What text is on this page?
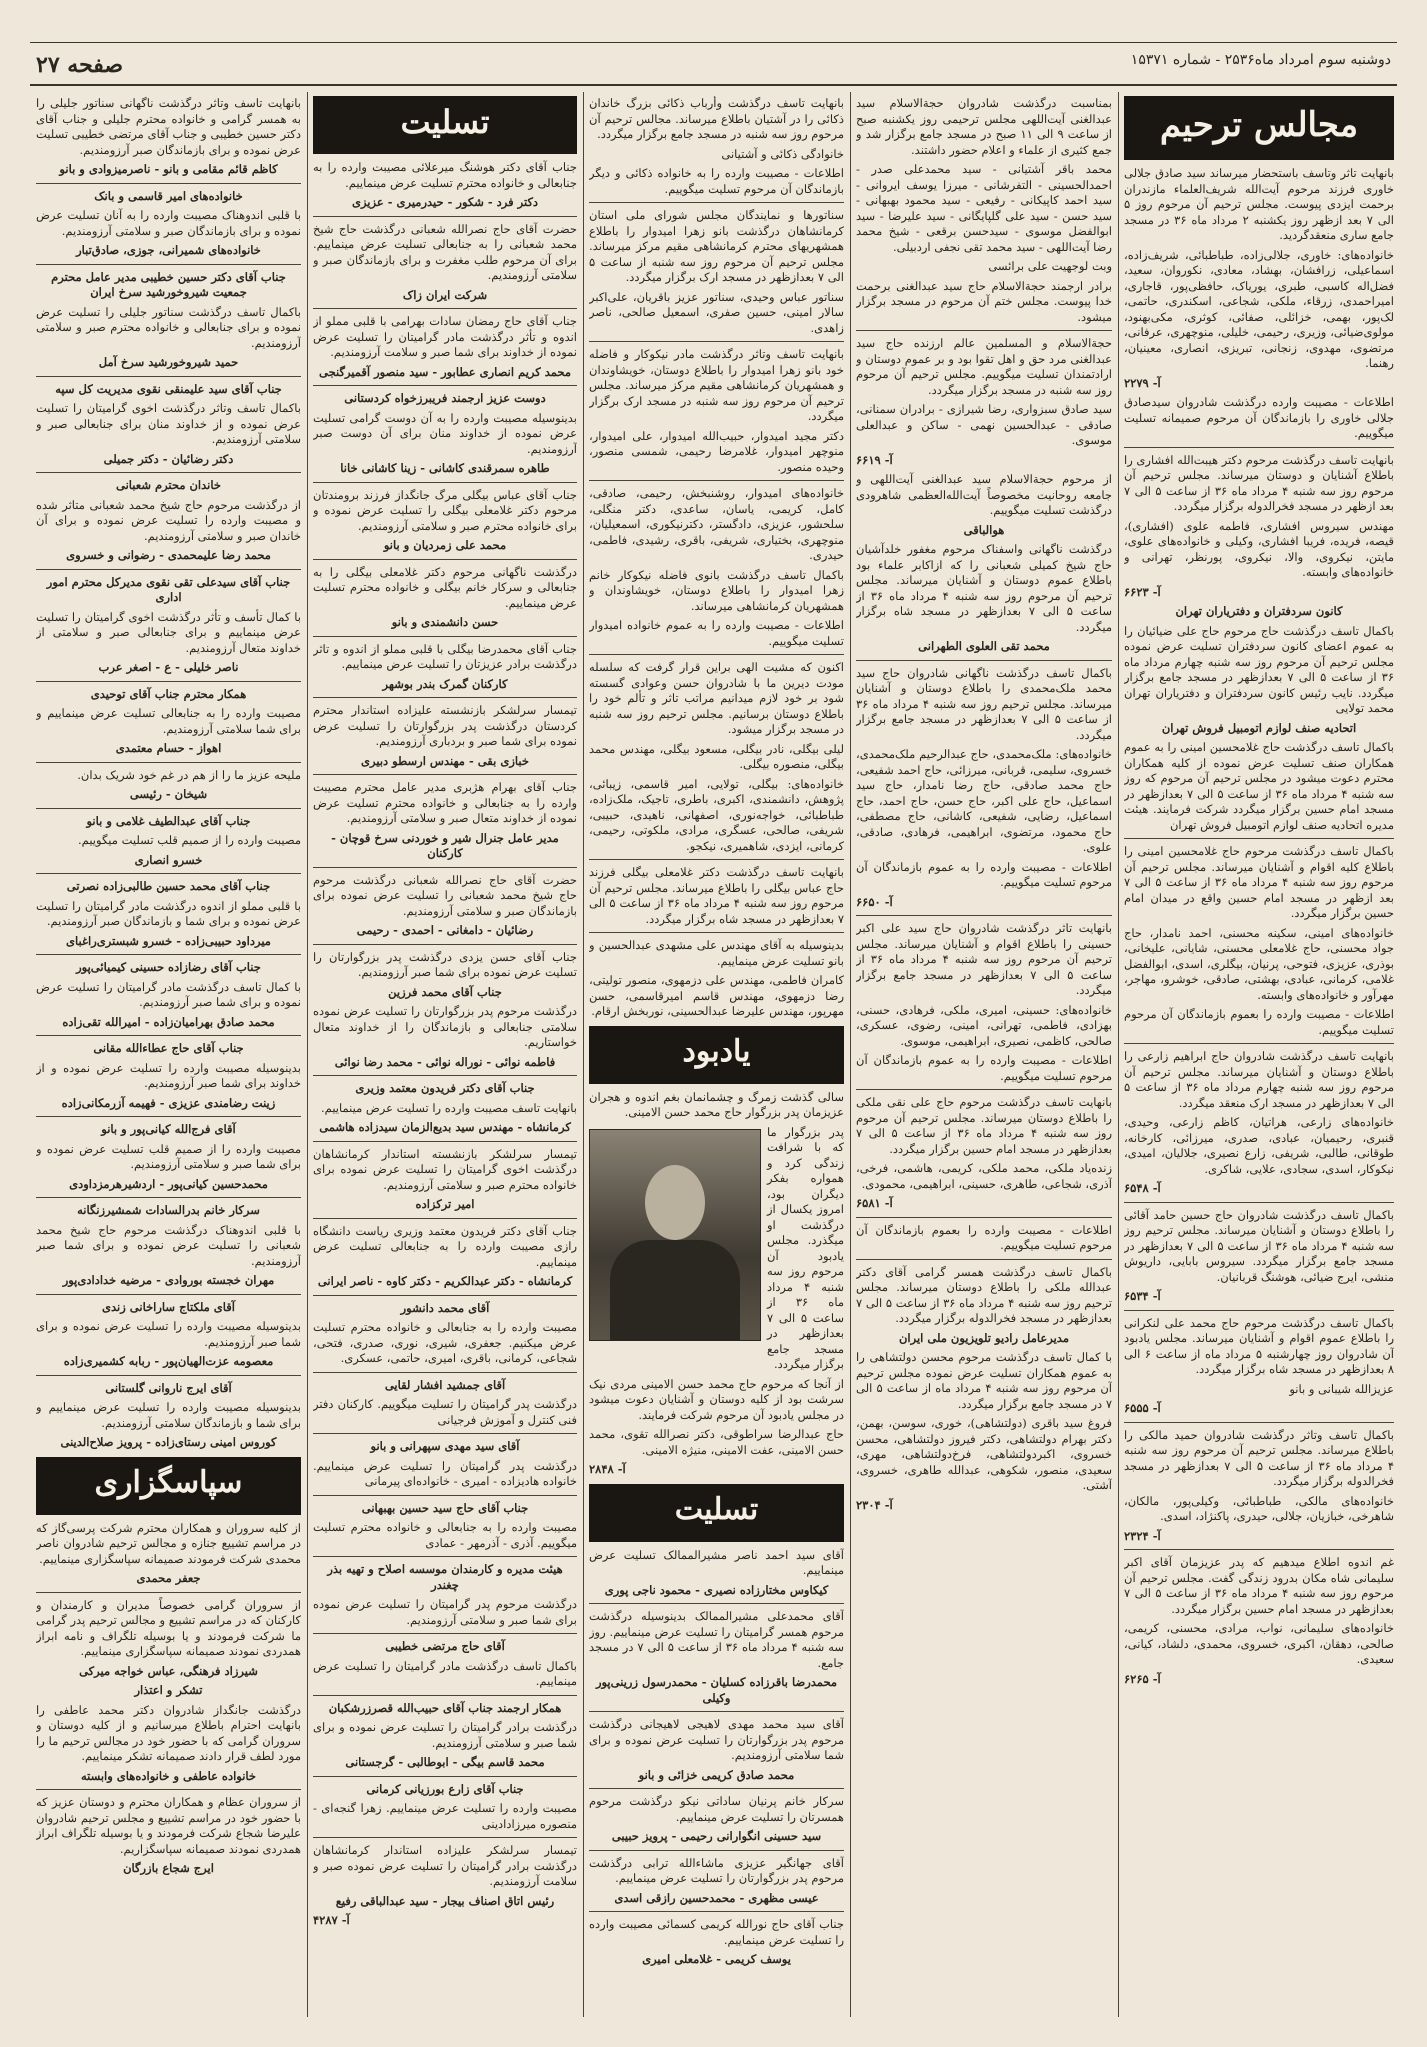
صفحه ۲۷	دوشنبه سوم امرداد ماه۲۵۳۶ - شماره ۱۵۳۷۱
مجالس ترحیم

بانهایت تاثر وتاسف باستحضار میرساند سید صادق جلالی خاوری فرزند مرحوم آیت‌الله شریف‌العلماء مازندران برحمت ایزدی پیوست. مجلس ترحیم آن مرحوم روز ۵ الی ۷ بعد ازظهر روز یکشنبه ۲ مرداد ماه ۳۶ در مسجد جامع ساری منعقدگردید.

خانواده‌های: خاوری، جلالی‌زاده، طباطبائی، شریف‌زاده، اسماعیلی، زرافشان، بهشاد، معادی، نکوروان، سعید، فضل‌اله کاسبی، طبری، یوریاک، حافظی‌پور، قاجاری، امیراحمدی، زرقاء، ملکی، شجاعی، اسکندری، حاتمی، لک‌پور، بهمی، خزائلی، صفائی، کوثری، مکی‌بهنود، مولوی‌ضیائی، وزیری، رحیمی، خلیلی، منوچهری، عرفانی، مرتضوی، مهدوی، زنجانی، تبریزی، انصاری، معینیان، رهنما.

آ- ۲۲۷۹

اطلاعات - مصیبت وارده درگذشت شادروان سیدصادق جلالی خاوری را بازماندگان آن مرحوم صمیمانه تسلیت میگوییم.

بانهایت تاسف درگذشت مرحوم دکتر هیبت‌الله افشاری را باطلاع آشنایان و دوستان میرساند. مجلس ترحیم آن مرحوم روز سه شنبه ۴ مرداد ماه ۳۶ از ساعت ۵ الی ۷ بعد ازظهر در مسجد فخرالدوله برگزار میگردد.

مهندس سیروس افشاری، فاطمه علوی (افشاری)، قیصه، فریده، فریبا افشاری، وکیلی و خانواده‌های علوی، مایتن، نیکروی، والا، نیکروی، پورنظر، تهرانی و خانواده‌های وابسته.

آ- ۶۶۲۳

کانون سردفتران و دفتریاران تهران

باکمال تاسف درگذشت حاج مرحوم حاج علی ضیائیان را به عموم اعضای کانون سردفتران تسلیت عرض نموده مجلس ترحیم آن مرحوم روز سه شنبه چهارم مرداد ماه ۳۶ از ساعت ۵ الی ۷ بعدازظهر در مسجد جامع برگزار میگردد. نایب رئیس کانون سردفتران و دفتریاران تهران محمد تولایی

اتحادیه صنف لوازم اتومبیل فروش تهران

باکمال تاسف درگذشت حاج غلامحسین امینی را به عموم همکاران صنف تسلیت عرض نموده از کلیه همکاران محترم دعوت میشود در مجلس ترحیم آن مرحوم که روز سه شنبه ۴ مرداد ماه ۳۶ از ساعت ۵ الی ۷ بعدازظهر در مسجد امام حسین برگزار میگردد شرکت فرمایند. هیئت مدیره اتحادیه صنف لوازم اتومبیل فروش تهران

باکمال تاسف درگذشت مرحوم حاج غلامحسین امینی را باطلاع کلیه اقوام و آشنایان میرساند. مجلس ترحیم آن مرحوم روز سه شنبه ۴ مرداد ماه ۳۶ از ساعت ۵ الی ۷ بعد ازظهر در مسجد امام حسین واقع در میدان امام حسین برگزار میگردد.

خانواده‌های امینی، سکینه محسنی، احمد نامدار، حاج جواد محسنی، حاج غلامعلی محسنی، شایانی، علیخانی، بوذری، عزیزی، فتوحی، پرنیان، بیگلری، اسدی، ابوالفضل غلامی، کرمانی، عبادی، بهشتی، صادقی، خوشرو، مهاجر، مهرآور و خانواده‌های وابسته.

اطلاعات - مصیبت وارده را بعموم بازماندگان آن مرحوم تسلیت میگوییم.

بانهایت تاسف درگذشت شادروان حاج ابراهیم زارعی را باطلاع دوستان و آشنایان میرساند. مجلس ترحیم آن مرحوم روز سه شنبه چهارم مرداد ماه ۳۶ از ساعت ۵ الی ۷ بعدازظهر در مسجد ارک منعقد میگردد.

خانواده‌های زارعی، هراتیان، کاظم زارعی، وحیدی، قنبری، رحیمیان، عبادی، صدری، میرزائی، کارخانه، طوقانی، طالبی، شریفی، زارع نصیری، جلالیان، امیدی، نیکوکار، اسدی، سجادی، علایی، شاکری.

آ- ۶۵۴۸

باکمال تاسف درگذشت شادروان حاج حسین حامد آقائی را باطلاع دوستان و آشنایان میرساند. مجلس ترحیم روز سه شنبه ۴ مرداد ماه ۳۶ از ساعت ۵ الی ۷ بعدازظهر در مسجد جامع برگزار میگردد. سیروس بابایی، داریوش منشی، ایرج ضیائی، هوشنگ قربانیان.

آ- ۶۵۳۴

باکمال تاسف درگذشت مرحوم حاج محمد علی لنکرانی را باطلاع عموم اقوام و آشنایان میرساند. مجلس یادبود آن شادروان روز چهارشنبه ۵ مرداد ماه از ساعت ۶ الی ۸ بعدازظهر در مسجد شاه برگزار میگردد.

عزیزالله شیبانی و بانو

آ- ۶۵۵۵

باکمال تاسف وتاثر درگذشت شادروان حمید مالکی را باطلاع میرساند. مجلس ترحیم آن مرحوم روز سه شنبه ۴ مرداد ماه ۳۶ از ساعت ۵ الی ۷ بعدازظهر در مسجد فخرالدوله برگزار میگردد.

خانواده‌های مالکی، طباطبائی، وکیلی‌پور، مالکان، شاهرخی، خبازیان، جلالی، حیدری، پاکنژاد، اسدی.

آ- ۲۳۲۴

غم اندوه اطلاع میدهیم که پدر عزیزمان آقای اکبر سلیمانی شاه مکان بدرود زندگی گفت. مجلس ترحیم آن مرحوم روز سه شنبه ۴ مرداد ماه ۳۶ از ساعت ۵ الی ۷ بعدازظهر در مسجد امام حسین برگزار میگردد.

خانواده‌های سلیمانی، نواب، مرادی، محسنی، کریمی، صالحی، دهقان، اکبری، خسروی، محمدی، دلشاد، کیانی، سعیدی.

آ- ۶۲۶۵

بمناسبت درگذشت شادروان حجةالاسلام سید عبدالغنی آیت‌اللهی مجلس ترحیمی روز یکشنبه صبح از ساعت ۹ الی ۱۱ صبح در مسجد جامع برگزار شد و جمع کثیری از علماء و اعلام حضور داشتند.

محمد باقر آشتیانی - سید محمدعلی صدر - احمدالحسینی - التفرشانی - میرزا یوسف ایروانی - سید احمد کاپیکانی - رفیعی - سید محمود بهبهانی - سید حسن - سید علی گلپایگانی - سید علیرضا - سید ابوالفضل موسوی - سیدحسن برقعی - شیخ محمد رضا آیت‌اللهی - سید محمد تقی نجفی اردبیلی.

وبت لوجهیت علی برائسی

برادر ارجمند حجةالاسلام حاج سید عبدالغنی برحمت خدا پیوست. مجلس ختم آن مرحوم در مسجد برگزار میشود.

حجةالاسلام و المسلمین عالم ارزنده حاج سید عبدالغنی مرد حق و اهل تقوا بود و بر عموم دوستان و ارادتمندان تسلیت میگوییم. مجلس ترحیم آن مرحوم روز سه شنبه در مسجد برگزار میگردد.

سید صادق سبزواری، رضا شیرازی - برادران سمنانی، صادقی - عبدالحسین نهمی - ساکن و عبدالعلی موسوی.

آ- ۶۶۱۹

از مرحوم حجةالاسلام سید عبدالغنی آیت‌اللهی و جامعه روحانیت مخصوصاً آیت‌الله‌العظمی شاهرودی درگذشت تسلیت میگوییم.

هوالباقی

درگذشت ناگهانی واسفناک مرحوم مغفور خلدآشیان حاج شیخ کمیلی شعبانی را که ازاکابر علماء بود باطلاع عموم دوستان و آشنایان میرساند. مجلس ترحیم آن مرحوم روز سه شنبه ۴ مرداد ماه ۳۶ از ساعت ۵ الی ۷ بعدازظهر در مسجد شاه برگزار میگردد.

محمد تقی العلوی الطهرانی

باکمال تاسف درگذشت ناگهانی شادروان حاج سید محمد ملک‌محمدی را باطلاع دوستان و آشنایان میرساند. مجلس ترحیم روز سه شنبه ۴ مرداد ماه ۳۶ از ساعت ۵ الی ۷ بعدازظهر در مسجد جامع برگزار میگردد.

خانواده‌های: ملک‌محمدی، حاج عبدالرحیم ملک‌محمدی، خسروی، سلیمی، قربانی، میرزائی، حاج احمد شفیعی، حاج محمد صادقی، حاج رضا نامدار، حاج سید اسماعیل، حاج علی اکبر، حاج حسن، حاج احمد، حاج اسماعیل، رضایی، شفیعی، کاشانی، حاج مصطفی، حاج محمود، مرتضوی، ابراهیمی، فرهادی، صادقی، علوی.

اطلاعات - مصیبت وارده را به عموم بازماندگان آن مرحوم تسلیت میگوییم.

آ- ۶۶۵۰

بانهایت تاثر درگذشت شادروان حاج سید علی اکبر حسینی را باطلاع اقوام و آشنایان میرساند. مجلس ترحیم آن مرحوم روز سه شنبه ۴ مرداد ماه ۳۶ از ساعت ۵ الی ۷ بعدازظهر در مسجد جامع برگزار میگردد.

خانواده‌های: حسینی، امیری، ملکی، فرهادی، حسنی، بهزادی، فاطمی، تهرانی، امینی، رضوی، عسکری، صالحی، کاظمی، نصیری، ابراهیمی، موسوی.

اطلاعات - مصیبت وارده را به عموم بازماندگان آن مرحوم تسلیت میگوییم.

بانهایت تاسف درگذشت مرحوم حاج علی نقی ملکی را باطلاع دوستان میرساند. مجلس ترحیم آن مرحوم روز سه شنبه ۴ مرداد ماه ۳۶ از ساعت ۵ الی ۷ بعدازظهر در مسجد امام حسین برگزار میگردد.

زنده‌یاد ملکی، محمد ملکی، کریمی، هاشمی، فرخی، آذری، شجاعی، طاهری، حسینی، ابراهیمی، محمودی.

آ- ۶۵۸۱

اطلاعات - مصیبت وارده را بعموم بازماندگان آن مرحوم تسلیت میگوییم.

باکمال تاسف درگذشت همسر گرامی آقای دکتر عبدالله ملکی را باطلاع دوستان میرساند. مجلس ترحیم روز سه شنبه ۴ مرداد ماه ۳۶ از ساعت ۵ الی ۷ بعدازظهر در مسجد فخرالدوله برگزار میگردد.

مدیرعامل رادیو تلویزیون ملی ایران

با کمال تاسف درگذشت مرحوم محسن دولتشاهی را به عموم همکاران تسلیت عرض نموده مجلس ترحیم آن مرحوم روز سه شنبه ۴ مرداد ماه از ساعت ۵ الی ۷ در مسجد جامع برگزار میگردد.

فروغ سید باقری (دولتشاهی)، خوری، سوسن، بهمن، دکتر بهرام دولتشاهی، دکتر فیروز دولتشاهی، محسن خسروی، اکبردولتشاهی، فرخ‌دولتشاهی، مهری، سعیدی، منصور، شکوهی، عبدالله طاهری، خسروی، آشتی.

آ- ۲۳۰۴

بانهایت تاسف درگذشت وأرباب ذکائی بزرگ خاندان ذکائی را در آشتیان باطلاع میرساند. مجالس ترحیم آن مرحوم روز سه شنبه در مسجد جامع برگزار میگردد.

خانوادگی ذکائی و آشتیانی

اطلاعات - مصیبت وارده را به خانواده ذکائی و دیگر بازماندگان آن مرحوم تسلیت میگوییم.

سناتورها و نمایندگان مجلس شورای ملی استان کرمانشاهان درگذشت بانو زهرا امیدوار را باطلاع همشهریهای محترم کرمانشاهی مقیم مرکز میرساند. مجلس ترحیم آن مرحوم روز سه شنبه از ساعت ۵ الی ۷ بعدازظهر در مسجد ارک برگزار میگردد.

سناتور عباس وحیدی، سناتور عزیز باقریان، علی‌اکبر سالار امینی، حسین صفری، اسمعیل صالحی، ناصر زاهدی.

بانهایت تاسف وتاثر درگذشت مادر نیکوکار و فاضله خود بانو زهرا امیدوار را باطلاع دوستان، خویشاوندان و همشهریان کرمانشاهی مقیم مرکز میرساند. مجلس ترحیم آن مرحوم روز سه شنبه در مسجد ارک برگزار میگردد.

دکتر مجید امیدوار، حبیب‌الله امیدوار، علی امیدوار، منوچهر امیدوار، غلامرضا رحیمی، شمسی منصور، وحیده منصور.

خانواده‌های امیدوار، روشنبخش، رحیمی، صادقی، کامل، کریمی، یاسان، ساعدی، دکتر منگلی، سلحشور، عزیزی، دادگستر، دکترنیکوری، اسمعیلیان، منوچهری، بختیاری، شریفی، باقری، رشیدی، فاطمی، حیدری.

باکمال تاسف درگذشت بانوی فاضله نیکوکار خانم زهرا امیدوار را باطلاع دوستان، خویشاوندان و همشهریان کرمانشاهی میرساند.

اطلاعات - مصیبت وارده را به عموم خانواده امیدوار تسلیت میگوییم.

اکنون که مشیت الهی براین قرار گرفت که سلسله مودت دیرین ما با شادروان حسن وعوادی گسسته شود بر خود لازم میدانیم مراتب تاثر و تألم خود را باطلاع دوستان برسانیم. مجلس ترحیم روز سه شنبه در مسجد برگزار میشود.

لیلی بیگلی، نادر بیگلی، مسعود بیگلی، مهندس محمد بیگلی، منصوره بیگلی.

خانواده‌های: بیگلی، تولایی، امیر قاسمی، زیبائی، پژوهش، دانشمندی، اکبری، باطری، تاجیک، ملک‌زاده، طباطبائی، خواجه‌نوری، اصفهانی، ناهیدی، حبیبی، شریفی، صالحی، عسگری، مرادی، ملکوتی، رحیمی، کرمانی، ایزدی، شاهمیری، نیکجو.

بانهایت تاسف درگذشت دکتر غلامعلی بیگلی فرزند حاج عباس بیگلی را باطلاع میرساند. مجلس ترحیم آن مرحوم روز سه شنبه ۴ مرداد ماه ۳۶ از ساعت ۵ الی ۷ بعدازظهر در مسجد شاه برگزار میگردد.

بدینوسیله به آقای مهندس علی مشهدی عبدالحسین و بانو تسلیت عرض مینماییم.

کامران فاطمی، مهندس علی دزمهوی، منصور تولیتی، رضا دزمهوی، مهندس قاسم امیرقاسمی، حسن مهرپور، مهندس علیرضا عبدالحسینی، نوربخش ارقام.

یادبود

سالی گذشت زمرگ و چشمانمان بغم اندوه و هجران عزیزمان پدر بزرگوار حاج محمد حسن الامینی.

پدر بزرگوار ما که با شرافت زندگی کرد و همواره بفکر دیگران بود، امروز یکسال از درگذشت او میگذرد. مجلس یادبود آن مرحوم روز سه شنبه ۴ مرداد ماه ۳۶ از ساعت ۵ الی ۷ بعدازظهر در مسجد جامع برگزار میگردد.

از آنجا که مرحوم حاج محمد حسن الامینی مردی نیک سرشت بود از کلیه دوستان و آشنایان دعوت میشود در مجلس یادبود آن مرحوم شرکت فرمایند.

حاج عبدالرضا سراطوقی، دکتر نصرالله تقوی، محمد حسن الامینی، عفت الامینی، منیژه الامینی.

آ- ۲۸۴۸

تسلیت

آقای سید احمد ناصر مشیرالممالک تسلیت عرض مینماییم.

کیکاوس مختارزاده نصیری - محمود ناجی پوری

آقای محمدعلی مشیرالممالک بدینوسیله درگذشت مرحوم همسر گرامیتان را تسلیت عرض مینماییم. روز سه شنبه ۴ مرداد ماه ۳۶ از ساعت ۵ الی ۷ در مسجد جامع.

محمدرضا باقرزاده کسلیان - محمدرسول زرینی‌پور وکیلی

آقای سید محمد مهدی لاهیجی لاهیجانی درگذشت مرحوم پدر بزرگوارتان را تسلیت عرض نموده و برای شما سلامتی آرزومندیم.

محمد صادق کریمی خزائی و بانو

سرکار خانم پرنیان ساداتی نیکو درگذشت مرحوم همسرتان را تسلیت عرض مینماییم.

سید حسینی انگوارانی رحیمی - پرویز حبیبی

آقای جهانگیر عزیزی ماشاءالله ترابی درگذشت مرحوم پدر بزرگوارتان را تسلیت عرض مینماییم.

عیسی مظهری - محمدحسین رازقی اسدی

جناب آقای حاج نورالله کریمی کسمائی مصیبت وارده را تسلیت عرض مینماییم.

یوسف کریمی - غلامعلی امیری

تسلیت

جناب آقای دکتر هوشنگ میرعلائی مصیبت وارده را به جنابعالی و خانواده محترم تسلیت عرض مینماییم.

دکتر فرد - شکور - حیدرمیری - عزیزی

حضرت آقای حاج نصرالله شعبانی درگذشت حاج شیخ محمد شعبانی را به جنابعالی تسلیت عرض مینماییم. برای آن مرحوم طلب مغفرت و برای بازماندگان صبر و سلامتی آرزومندیم.

شرکت ایران زاک

جناب آقای حاج رمضان سادات بهرامی با قلبی مملو از اندوه و تأثر درگذشت مادر گرامیتان را تسلیت عرض نموده از خداوند برای شما صبر و سلامت آرزومندیم.

محمد کریم انصاری عطابور - سید منصور آقمیرگنجی

دوست عزیز ارجمند فریبرزخواه کردستانی

بدینوسیله مصیبت وارده را به آن دوست گرامی تسلیت عرض نموده از خداوند منان برای آن دوست صبر آرزومندیم.

طاهره سمرقندی کاشانی - زینا کاشانی خانا

جناب آقای عباس بیگلی مرگ جانگداز فرزند برومندتان مرحوم دکتر غلامعلی بیگلی را تسلیت عرض نموده و برای خانواده محترم صبر و سلامتی آرزومندیم.

محمد علی زمردیان و بانو

درگذشت ناگهانی مرحوم دکتر غلامعلی بیگلی را به جنابعالی و سرکار خانم بیگلی و خانواده محترم تسلیت عرض مینماییم.

حسن دانشمندی و بانو

جناب آقای محمدرضا بیگلی با قلبی مملو از اندوه و تاثر درگذشت برادر عزیزتان را تسلیت عرض مینماییم.

کارکنان گمرک بندر بوشهر

تیمسار سرلشکر بازنشسته علیزاده استاندار محترم کردستان درگذشت پدر بزرگوارتان را تسلیت عرض نموده برای شما صبر و بردباری آرزومندیم.

خبازی بقی - مهندس ارسطو دبیری

جناب آقای بهرام هژبری مدیر عامل محترم مصیبت وارده را به جنابعالی و خانواده محترم تسلیت عرض نموده از خداوند متعال صبر و سلامتی آرزومندیم.

مدیر عامل جنرال شیر و خوردنی سرخ قوچان - کارکنان

حضرت آقای حاج نصرالله شعبانی درگذشت مرحوم حاج شیخ محمد شعبانی را تسلیت عرض نموده برای بازماندگان صبر و سلامتی آرزومندیم.

رضائیان - دامغانی - احمدی - رحیمی

جناب آقای حسن یزدی درگذشت پدر بزرگوارتان را تسلیت عرض نموده برای شما صبر آرزومندیم.

جناب آقای محمد فرزین

درگذشت مرحوم پدر بزرگوارتان را تسلیت عرض نموده سلامتی جنابعالی و بازماندگان را از خداوند متعال خواستاریم.

فاطمه نوائی - نوراله نوائی - محمد رضا نوائی

جناب آقای دکتر فریدون معتمد وزیری

بانهایت تاسف مصیبت وارده را تسلیت عرض مینماییم.

کرمانشاه - مهندس سید بدیع‌الزمان سیدزاده هاشمی

تیمسار سرلشکر بازنشسته استاندار کرمانشاهان درگذشت اخوی گرامیتان را تسلیت عرض نموده برای خانواده محترم صبر و سلامتی آرزومندیم.

امیر ترکزاده

جناب آقای دکتر فریدون معتمد وزیری ریاست دانشگاه رازی مصیبت وارده را به جنابعالی تسلیت عرض مینماییم.

کرمانشاه - دکتر عبدالکریم - دکتر کاوه - ناصر ایرانی

آقای محمد دانشور

مصیبت وارده را به جنابعالی و خانواده محترم تسلیت عرض میکنیم. جعفری، شیری، نوری، صدری، فتحی، شجاعی، کرمانی، باقری، امیری، حاتمی، عسکری.

آقای جمشید افشار لقایی

درگذشت پدر گرامیتان را تسلیت میگوییم. کارکنان دفتر فنی کنترل و آموزش فرجیانی

آقای سید مهدی سپهرانی و بانو

درگذشت پدر گرامیتان را تسلیت عرض مینماییم. خانواده هادیزاده - امیری - خانواده‌ای پیرمانی

جناب آقای حاج سید حسین بهبهانی

مصیبت وارده را به جنابعالی و خانواده محترم تسلیت میگوییم. آذری - آذرمهر - عمادی

هیئت مدیره و کارمندان موسسه اصلاح و تهیه بذر چغندر

درگذشت مرحوم پدر گرامیتان را تسلیت عرض نموده برای شما صبر و سلامتی آرزومندیم.

آقای حاج مرتضی خطیبی

باکمال تاسف درگذشت مادر گرامیتان را تسلیت عرض مینماییم.

همکار ارجمند جناب آقای حبیب‌الله قصرزرشکبان

درگذشت برادر گرامیتان را تسلیت عرض نموده و برای شما صبر و سلامتی آرزومندیم.

محمد قاسم بیگی - ابوطالبی - گرجستانی

جناب آقای زارع بورزیانی کرمانی

مصیبت وارده را تسلیت عرض مینماییم. زهرا گنجه‌ای - منصوره میرزادادینی

تیمسار سرلشکر علیزاده استاندار کرمانشاهان درگذشت برادر گرامیتان را تسلیت عرض نموده صبر و سلامت آرزومندیم.

رئیس اتاق اصناف بیجار - سید عبدالباقی رفیع

آ- ۴۲۸۷

بانهایت تاسف وتاثر درگذشت ناگهانی سناتور جلیلی را به همسر گرامی و خانواده محترم جلیلی و جناب آقای دکتر حسین خطیبی و جناب آقای مرتضی خطیبی تسلیت عرض نموده و برای بازماندگان صبر آرزومندیم.

کاظم قائم مقامی و بانو - ناصرمیزوادی و بانو

خانواده‌های امیر قاسمی و بانک

با قلبی اندوهناک مصیبت وارده را به آنان تسلیت عرض نموده و برای بازماندگان صبر و سلامتی آرزومندیم.

خانواده‌های شمیرانی، جوزی، صادق‌تبار

جناب آقای دکتر حسین خطیبی مدیر عامل محترم جمعیت شیروخورشید سرخ ایران

باکمال تاسف درگذشت سناتور جلیلی را تسلیت عرض نموده و برای جنابعالی و خانواده محترم صبر و سلامتی آرزومندیم.

حمید شیروخورشید سرخ آمل

جناب آقای سید علیمنقی نقوی مدیریت کل سپه

باکمال تاسف وتاثر درگذشت اخوی گرامیتان را تسلیت عرض نموده و از خداوند منان برای جنابعالی صبر و سلامتی آرزومندیم.

دکتر رضائیان - دکتر جمیلی

خاندان محترم شعبانی

از درگذشت مرحوم حاج شیخ محمد شعبانی متاثر شده و مصیبت وارده را تسلیت عرض نموده و برای آن خاندان صبر و سلامتی آرزومندیم.

محمد رضا علیمحمدی - رضوانی و خسروی

جناب آقای سیدعلی تقی نقوی مدیرکل محترم امور اداری

با کمال تأسف و تأثر درگذشت اخوی گرامیتان را تسلیت عرض مینماییم و برای جنابعالی صبر و سلامتی از خداوند متعال آرزومندیم.

ناصر خلیلی - ع - اصغر عرب

همکار محترم جناب آقای توحیدی

مصیبت وارده را به جنابعالی تسلیت عرض مینماییم و برای شما سلامتی آرزومندیم.

اهواز - حسام معتمدی

ملیحه عزیز ما را از هم در غم خود شریک بدان.

شیخان - رئیسی

جناب آقای عبدالطیف غلامی و بانو

مصیبت وارده را از صمیم قلب تسلیت میگوییم.

خسرو انصاری

جناب آقای محمد حسین طالبی‌زاده نصرتی

با قلبی مملو از اندوه درگذشت مادر گرامیتان را تسلیت عرض نموده و برای شما و بازماندگان صبر آرزومندیم.

میرداود حبیبی‌زاده - خسرو شبستری‌راغبای

جناب آقای رضازاده حسینی کیمیائی‌پور

با کمال تاسف درگذشت مادر گرامیتان را تسلیت عرض نموده و برای شما صبر آرزومندیم.

محمد صادق بهرامیان‌زاده - امیرالله تقی‌زاده

جناب آقای حاج عطاءالله مقانی

بدینوسیله مصیبت وارده را تسلیت عرض نموده و از خداوند برای شما صبر آرزومندیم.

زینت رضامندی عزیزی - فهیمه آزرمکانی‌زاده

آقای فرج‌الله کیانی‌پور و بانو

مصیبت وارده را از صمیم قلب تسلیت عرض نموده و برای شما صبر و سلامتی آرزومندیم.

محمدحسین کیانی‌پور - اردشیرهرمزداودی

سرکار خانم بدرالسادات شمشیرزنگانه

با قلبی اندوهناک درگذشت مرحوم حاج شیخ محمد شعبانی را تسلیت عرض نموده و برای شما صبر آرزومندیم.

مهران خجسته بوروادی - مرضیه خدادادی‌پور

آقای ملکتاج ساراخانی زندی

بدینوسیله مصیبت وارده را تسلیت عرض نموده و برای شما صبر آرزومندیم.

معصومه عزت‌الهیان‌پور - ربابه کشمیری‌زاده

آقای ایرج ناروانی گلستانی

بدینوسیله مصیبت وارده را تسلیت عرض مینماییم و برای شما و بازماندگان سلامتی آرزومندیم.

کوروس امینی رستای‌زاده - پرویز صلاح‌الدینی

سپاسگزاری

از کلیه سروران و همکاران محترم شرکت پرسی‌گاز که در مراسم تشییع جنازه و مجالس ترحیم شادروان ناصر محمدی شرکت فرمودند صمیمانه سپاسگزاری مینماییم.

جعفر محمدی

از سروران گرامی خصوصاً مدیران و کارمندان و کارکنان که در مراسم تشییع و مجالس ترحیم پدر گرامی ما شرکت فرمودند و یا بوسیله تلگراف و نامه ابراز همدردی نمودند صمیمانه سپاسگزاری مینماییم.

شیرزاد فرهنگی، عباس خواجه میرکی

تشکر و اعتذار

درگذشت جانگداز شادروان دکتر محمد عاطفی را بانهایت احترام باطلاع میرسانیم و از کلیه دوستان و سروران گرامی که با حضور خود در مجالس ترحیم ما را مورد لطف قرار دادند صمیمانه تشکر مینماییم.

خانواده عاطفی و خانواده‌های وابسته

از سروران عظام و همکاران محترم و دوستان عزیز که با حضور خود در مراسم تشییع و مجلس ترحیم شادروان علیرضا شجاع شرکت فرمودند و یا بوسیله تلگراف ابراز همدردی نمودند صمیمانه سپاسگزاریم.

ایرج شجاع بازرگان
